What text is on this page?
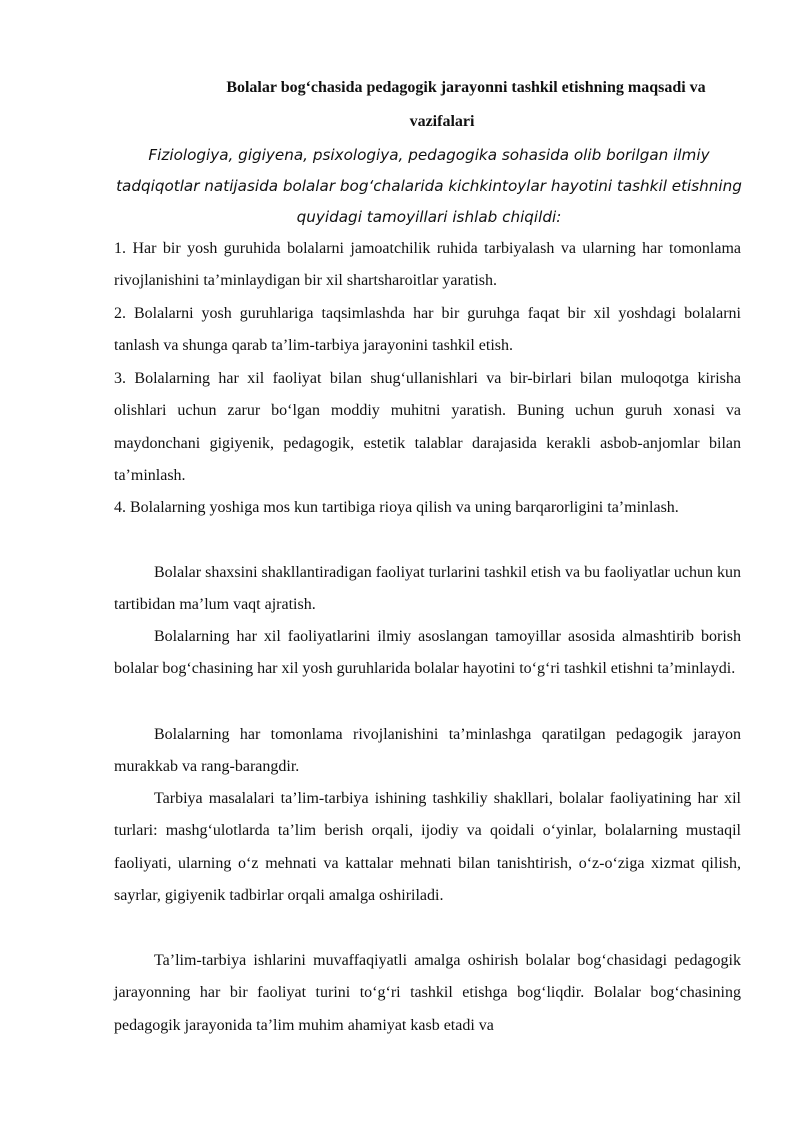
Bolalar bog‘chasida pedagogik jarayonni tashkil etishning maqsadi va
vazifalari
Fiziologiya, gigiyena, psixologiya, pedagogika sohasida olib borilgan ilmiy tadqiqotlar natijasida bolalar bog‘chalarida kichkintoylar hayotini tashkil etishning quyidagi tamoyillari ishlab chiqildi:

1. Har bir yosh guruhida bolalarni jamoatchilik ruhida tarbiyalash va ularning har tomonlama rivojlanishini ta’minlaydigan bir xil shartsharoitlar yaratish.

2. Bolalarni yosh guruhlariga taqsimlashda har bir guruhga faqat bir xil yoshdagi bolalarni tanlash va shunga qarab ta’lim-tarbiya jarayonini tashkil etish.

3. Bolalarning har xil faoliyat bilan shug‘ullanishlari va bir-birlari bilan muloqotga kirisha olishlari uchun zarur bo‘lgan moddiy muhitni yaratish. Buning uchun guruh xonasi va maydonchani gigiyenik, pedagogik, estetik talablar darajasida kerakli asbob-anjomlar bilan ta’minlash.

4. Bolalarning yoshiga mos kun tartibiga rioya qilish va uning barqarorligini ta’minlash.

Bolalar shaxsini shakllantiradigan faoliyat turlarini tashkil etish va bu faoliyatlar uchun kun tartibidan ma’lum vaqt ajratish.

Bolalarning har xil faoliyatlarini ilmiy asoslangan tamoyillar asosida almashtirib borish bolalar bog‘chasining har xil yosh guruhlarida bolalar hayotini to‘g‘ri tashkil etishni ta’minlaydi.

Bolalarning har tomonlama rivojlanishini ta’minlashga qaratilgan pedagogik jarayon murakkab va rang-barangdir.

Tarbiya masalalari ta’lim-tarbiya ishining tashkiliy shakllari, bolalar faoliyatining har xil turlari: mashg‘ulotlarda ta’lim berish orqali, ijodiy va qoidali o‘yinlar, bolalarning mustaqil faoliyati, ularning o‘z mehnati va kattalar mehnati bilan tanishtirish, o‘z-o‘ziga xizmat qilish, sayrlar, gigiyenik tadbirlar orqali amalga oshiriladi.

Ta’lim-tarbiya ishlarini muvaffaqiyatli amalga oshirish bolalar bog‘chasidagi pedagogik jarayonning har bir faoliyat turini to‘g‘ri tashkil etishga bog‘liqdir. Bolalar bog‘chasining pedagogik jarayonida ta’lim muhim ahamiyat kasb etadi va
